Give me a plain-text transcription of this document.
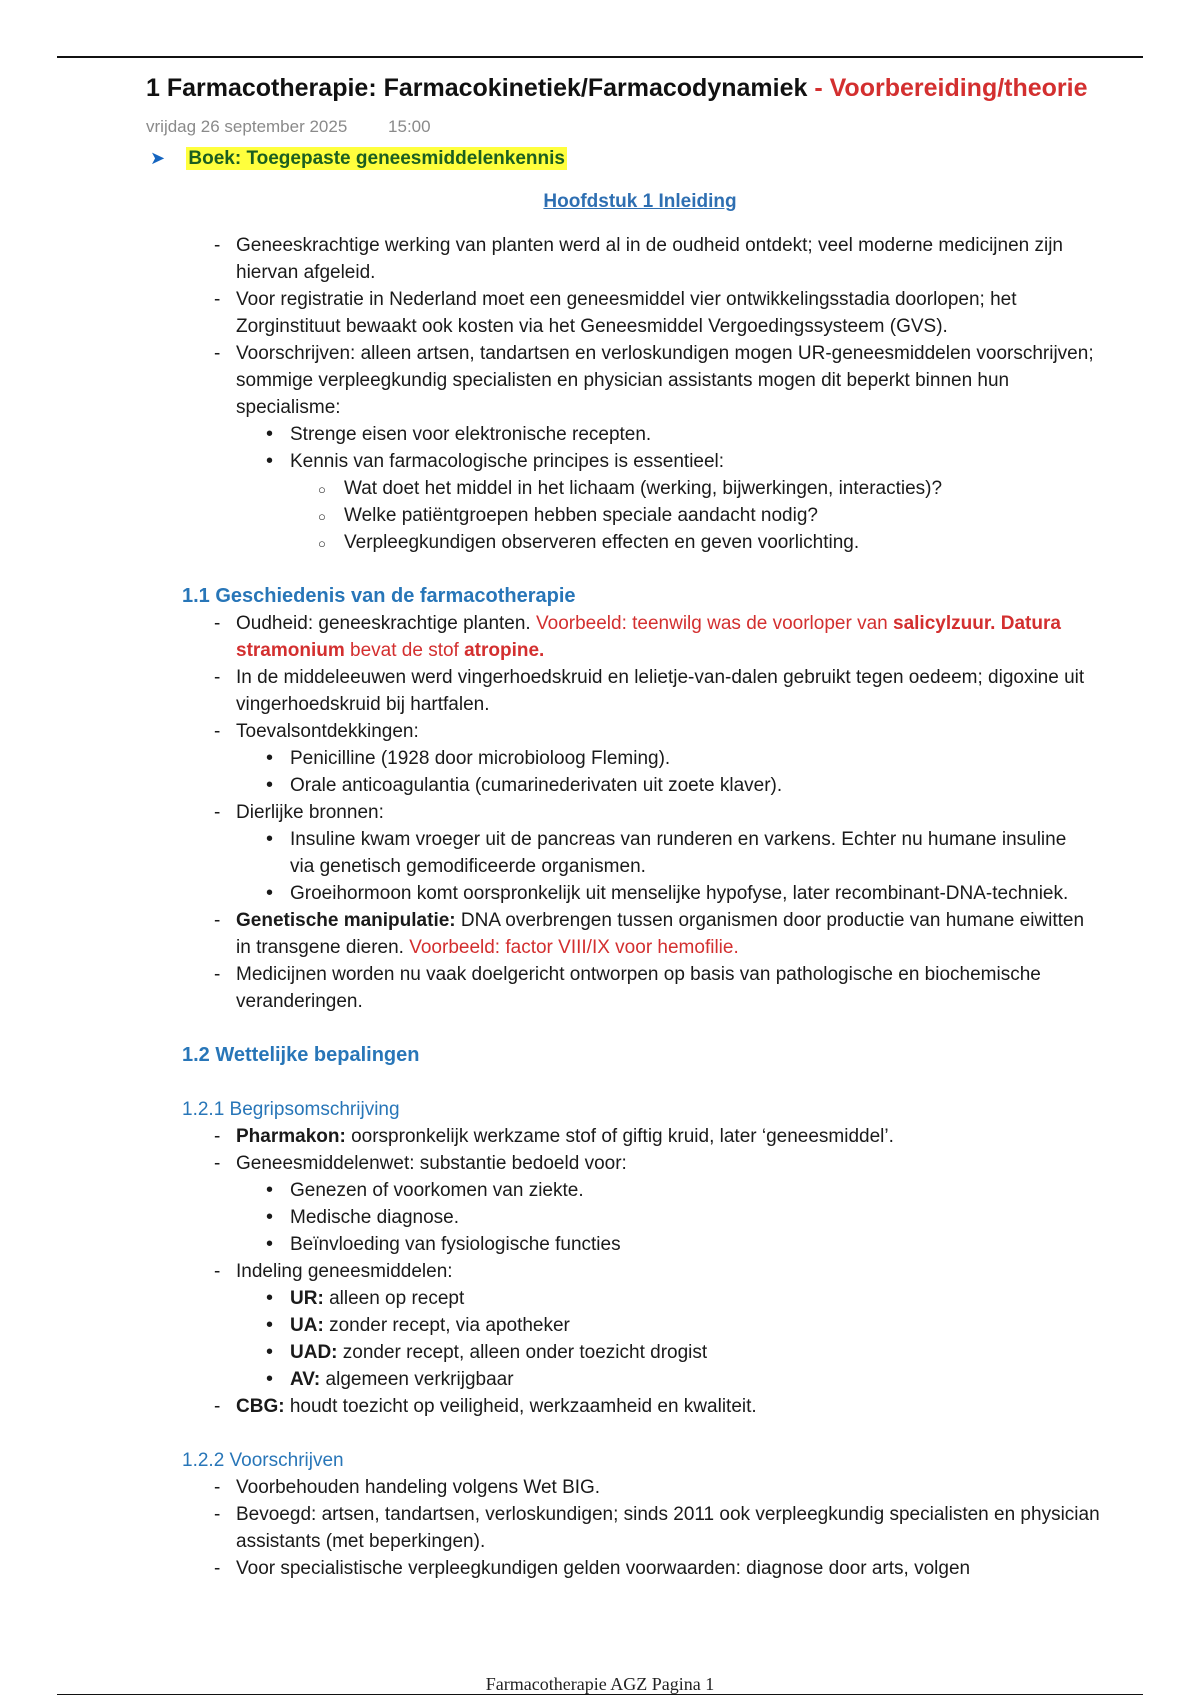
1 Farmacotherapie: Farmacokinetiek/Farmacodynamiek - Voorbereiding/theorie
vrijdag 26 september 2025 15:00
➤ Boek: Toegepaste geneesmiddelenkennis
Hoofdstuk 1 Inleiding
- Geneeskrachtige werking van planten werd al in de oudheid ontdekt; veel moderne medicijnen zijn hiervan afgeleid.
- Voor registratie in Nederland moet een geneesmiddel vier ontwikkelingsstadia doorlopen; het Zorginstituut bewaakt ook kosten via het Geneesmiddel Vergoedingssysteem (GVS).
- Voorschrijven: alleen artsen, tandartsen en verloskundigen mogen UR-geneesmiddelen voorschrijven; sommige verpleegkundig specialisten en physician assistants mogen dit beperkt binnen hun specialisme:
• Strenge eisen voor elektronische recepten.
• Kennis van farmacologische principes is essentieel:
○ Wat doet het middel in het lichaam (werking, bijwerkingen, interacties)?
○ Welke patiëntgroepen hebben speciale aandacht nodig?
○ Verpleegkundigen observeren effecten en geven voorlichting.
1.1 Geschiedenis van de farmacotherapie
- Oudheid: geneeskrachtige planten. Voorbeeld: teenwilg was de voorloper van salicylzuur. Datura stramonium bevat de stof atropine.
- In de middeleeuwen werd vingerhoedskruid en lelietje-van-dalen gebruikt tegen oedeem; digoxine uit vingerhoedskruid bij hartfalen.
- Toevalsontdekkingen:
• Penicilline (1928 door microbioloog Fleming).
• Orale anticoagulantia (cumarinederivaten uit zoete klaver).
- Dierlijke bronnen:
• Insuline kwam vroeger uit de pancreas van runderen en varkens. Echter nu humane insuline via genetisch gemodificeerde organismen.
• Groeihormoon komt oorspronkelijk uit menselijke hypofyse, later recombinant-DNA-techniek.
- Genetische manipulatie: DNA overbrengen tussen organismen door productie van humane eiwitten in transgene dieren. Voorbeeld: factor VIII/IX voor hemofilie.
- Medicijnen worden nu vaak doelgericht ontworpen op basis van pathologische en biochemische veranderingen.
1.2 Wettelijke bepalingen
1.2.1 Begripsomschrijving
- Pharmakon: oorspronkelijk werkzame stof of giftig kruid, later ‘geneesmiddel’.
- Geneesmiddelenwet: substantie bedoeld voor:
• Genezen of voorkomen van ziekte.
• Medische diagnose.
• Beïnvloeding van fysiologische functies
- Indeling geneesmiddelen:
• UR: alleen op recept
• UA: zonder recept, via apotheker
• UAD: zonder recept, alleen onder toezicht drogist
• AV: algemeen verkrijgbaar
- CBG: houdt toezicht op veiligheid, werkzaamheid en kwaliteit.
1.2.2 Voorschrijven
- Voorbehouden handeling volgens Wet BIG.
- Bevoegd: artsen, tandartsen, verloskundigen; sinds 2011 ook verpleegkundig specialisten en physician assistants (met beperkingen).
- Voor specialistische verpleegkundigen gelden voorwaarden: diagnose door arts, volgen
Farmacotherapie AGZ Pagina 1
